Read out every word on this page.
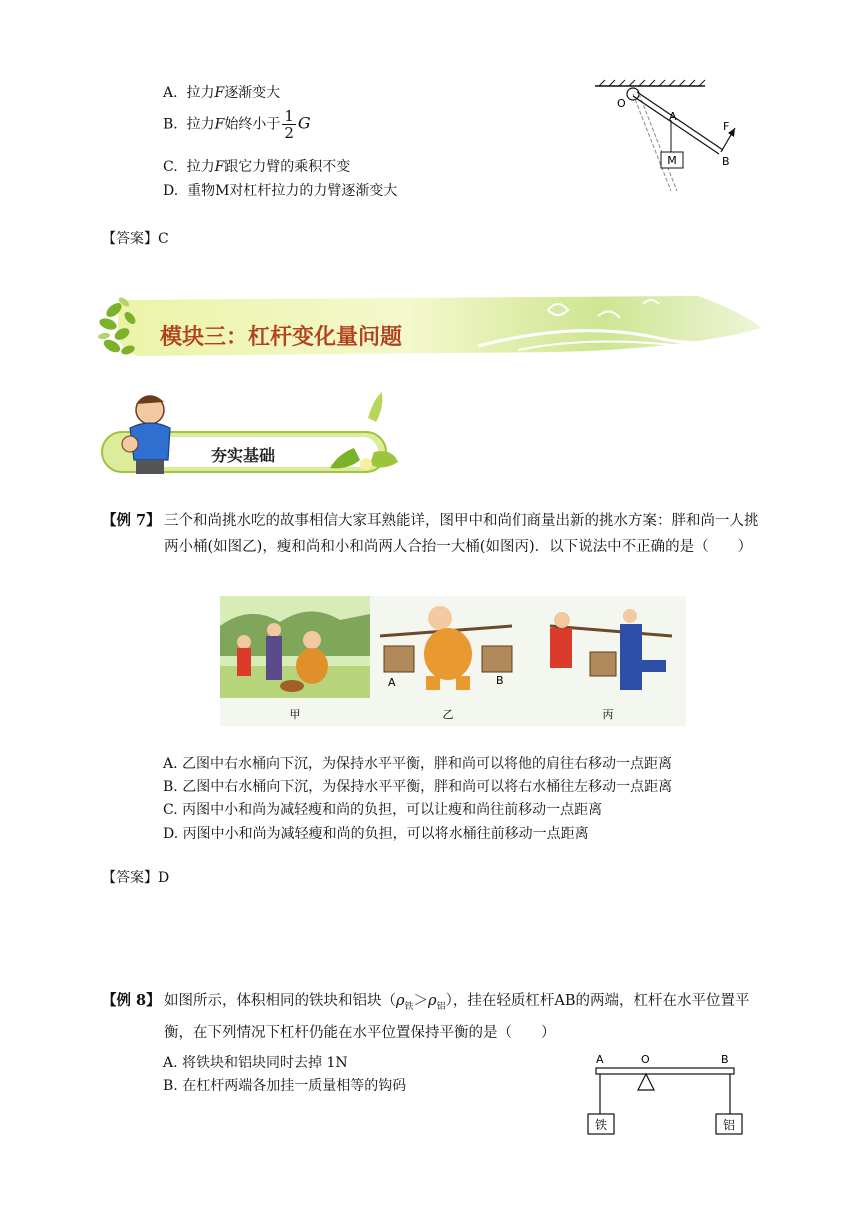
A. 拉力F逐渐变大
B. 拉力F始终小于 $\frac{1}{2}$ G
C. 拉力F跟它力臂的乘积不变
D. 重物M对杠杆拉力的力臂逐渐变大
M
O
A
F
B
【答案】C
模块三：杠杆变化量问题
夯实基础
【例 7】 三个和尚挑水吃的故事相信大家耳熟能详，图甲中和尚们商量出新的挑水方案：胖和尚一人挑两小桶(如图乙)，瘦和尚和小和尚两人合抬一大桶(如图丙)．以下说法中不正确的是（　　）
A	B
甲	乙	丙
A. 乙图中右水桶向下沉，为保持水平平衡，胖和尚可以将他的肩往右移动一点距离
B. 乙图中右水桶向下沉，为保持水平平衡，胖和尚可以将右水桶往左移动一点距离
C. 丙图中小和尚为减轻瘦和尚的负担，可以让瘦和尚往前移动一点距离
D. 丙图中小和尚为减轻瘦和尚的负担，可以将水桶往前移动一点距离
【答案】D
【例 8】 如图所示，体积相同的铁块和铝块$(\rho_铁>\rho_铝)$，挂在轻质杠杆AB的两端，杠杆在水平位置平衡，在下列情况下杠杆仍能在水平位置保持平衡的是（　　）
A. 将铁块和铝块同时去掉 1N
B. 在杠杆两端各加挂一质量相等的钩码
铁	铝
A	O	B
